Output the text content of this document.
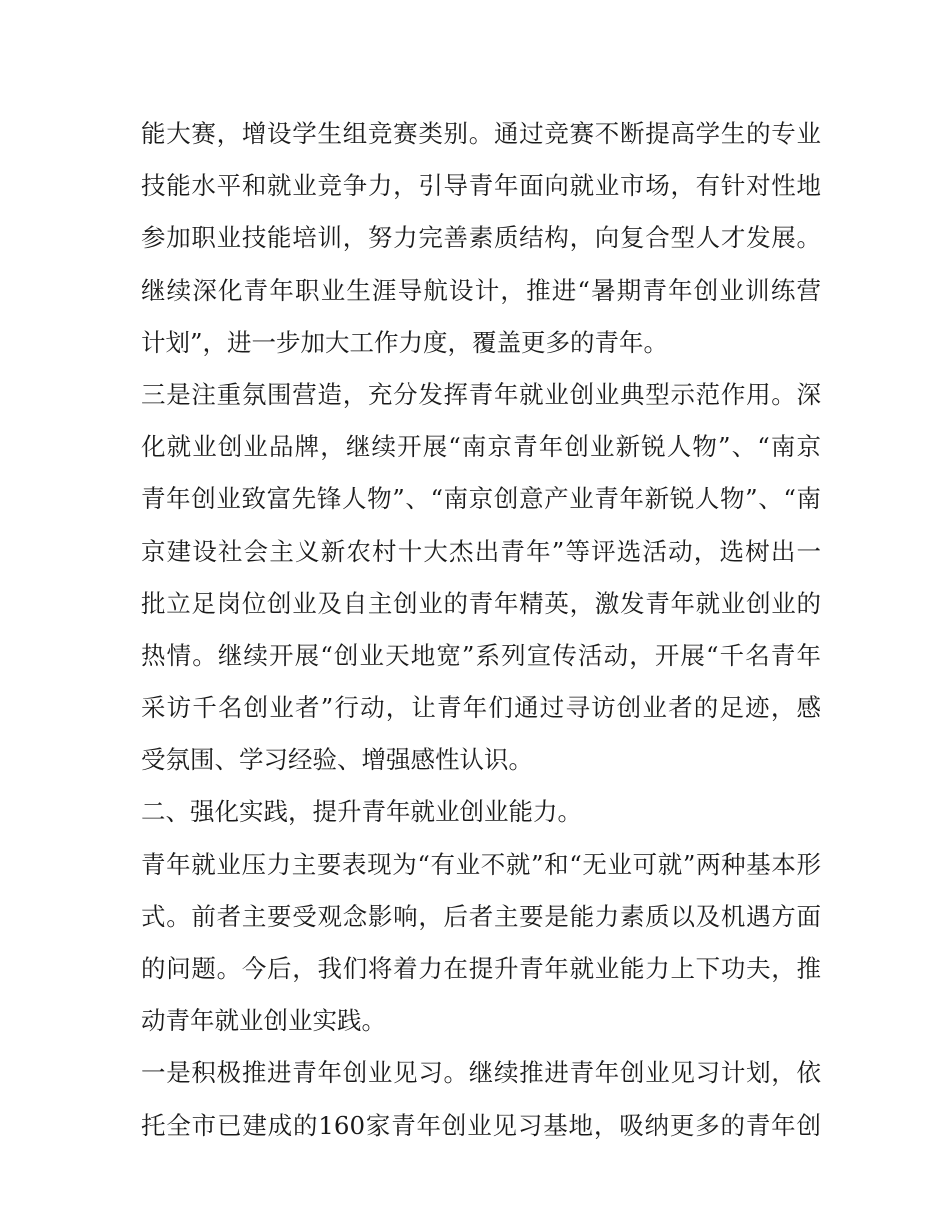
能大赛，增设学生组竞赛类别。通过竞赛不断提高学生的专业
技能水平和就业竞争力，引导青年面向就业市场，有针对性地
参加职业技能培训，努力完善素质结构，向复合型人才发展。
继续深化青年职业生涯导航设计，推进“暑期青年创业训练营
计划”，进一步加大工作力度，覆盖更多的青年。
三是注重氛围营造，充分发挥青年就业创业典型示范作用。深
化就业创业品牌，继续开展“南京青年创业新锐人物”、“南京
青年创业致富先锋人物”、“南京创意产业青年新锐人物”、“南
京建设社会主义新农村十大杰出青年”等评选活动，选树出一
批立足岗位创业及自主创业的青年精英，激发青年就业创业的
热情。继续开展“创业天地宽”系列宣传活动，开展“千名青年
采访千名创业者”行动，让青年们通过寻访创业者的足迹，感
受氛围、学习经验、增强感性认识。
二、强化实践，提升青年就业创业能力。
青年就业压力主要表现为“有业不就”和“无业可就”两种基本形
式。前者主要受观念影响，后者主要是能力素质以及机遇方面
的问题。今后，我们将着力在提升青年就业能力上下功夫，推
动青年就业创业实践。
一是积极推进青年创业见习。继续推进青年创业见习计划，依
托全市已建成的160家青年创业见习基地，吸纳更多的青年创
